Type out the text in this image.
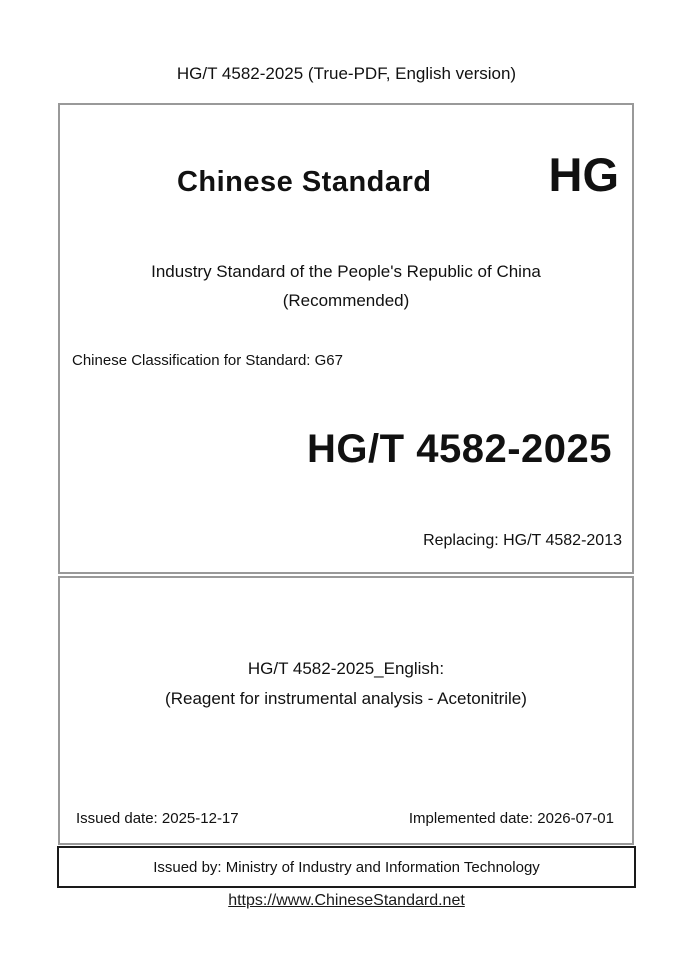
HG/T 4582-2025 (True-PDF, English version)
Chinese Standard	HG
Industry Standard of the People's Republic of China
(Recommended)
Chinese Classification for Standard: G67
HG/T 4582-2025
Replacing: HG/T 4582-2013
HG/T 4582-2025_English:
(Reagent for instrumental analysis - Acetonitrile)
Issued date: 2025-12-17	Implemented date: 2026-07-01
Issued by: Ministry of Industry and Information Technology
https://www.ChineseStandard.net
